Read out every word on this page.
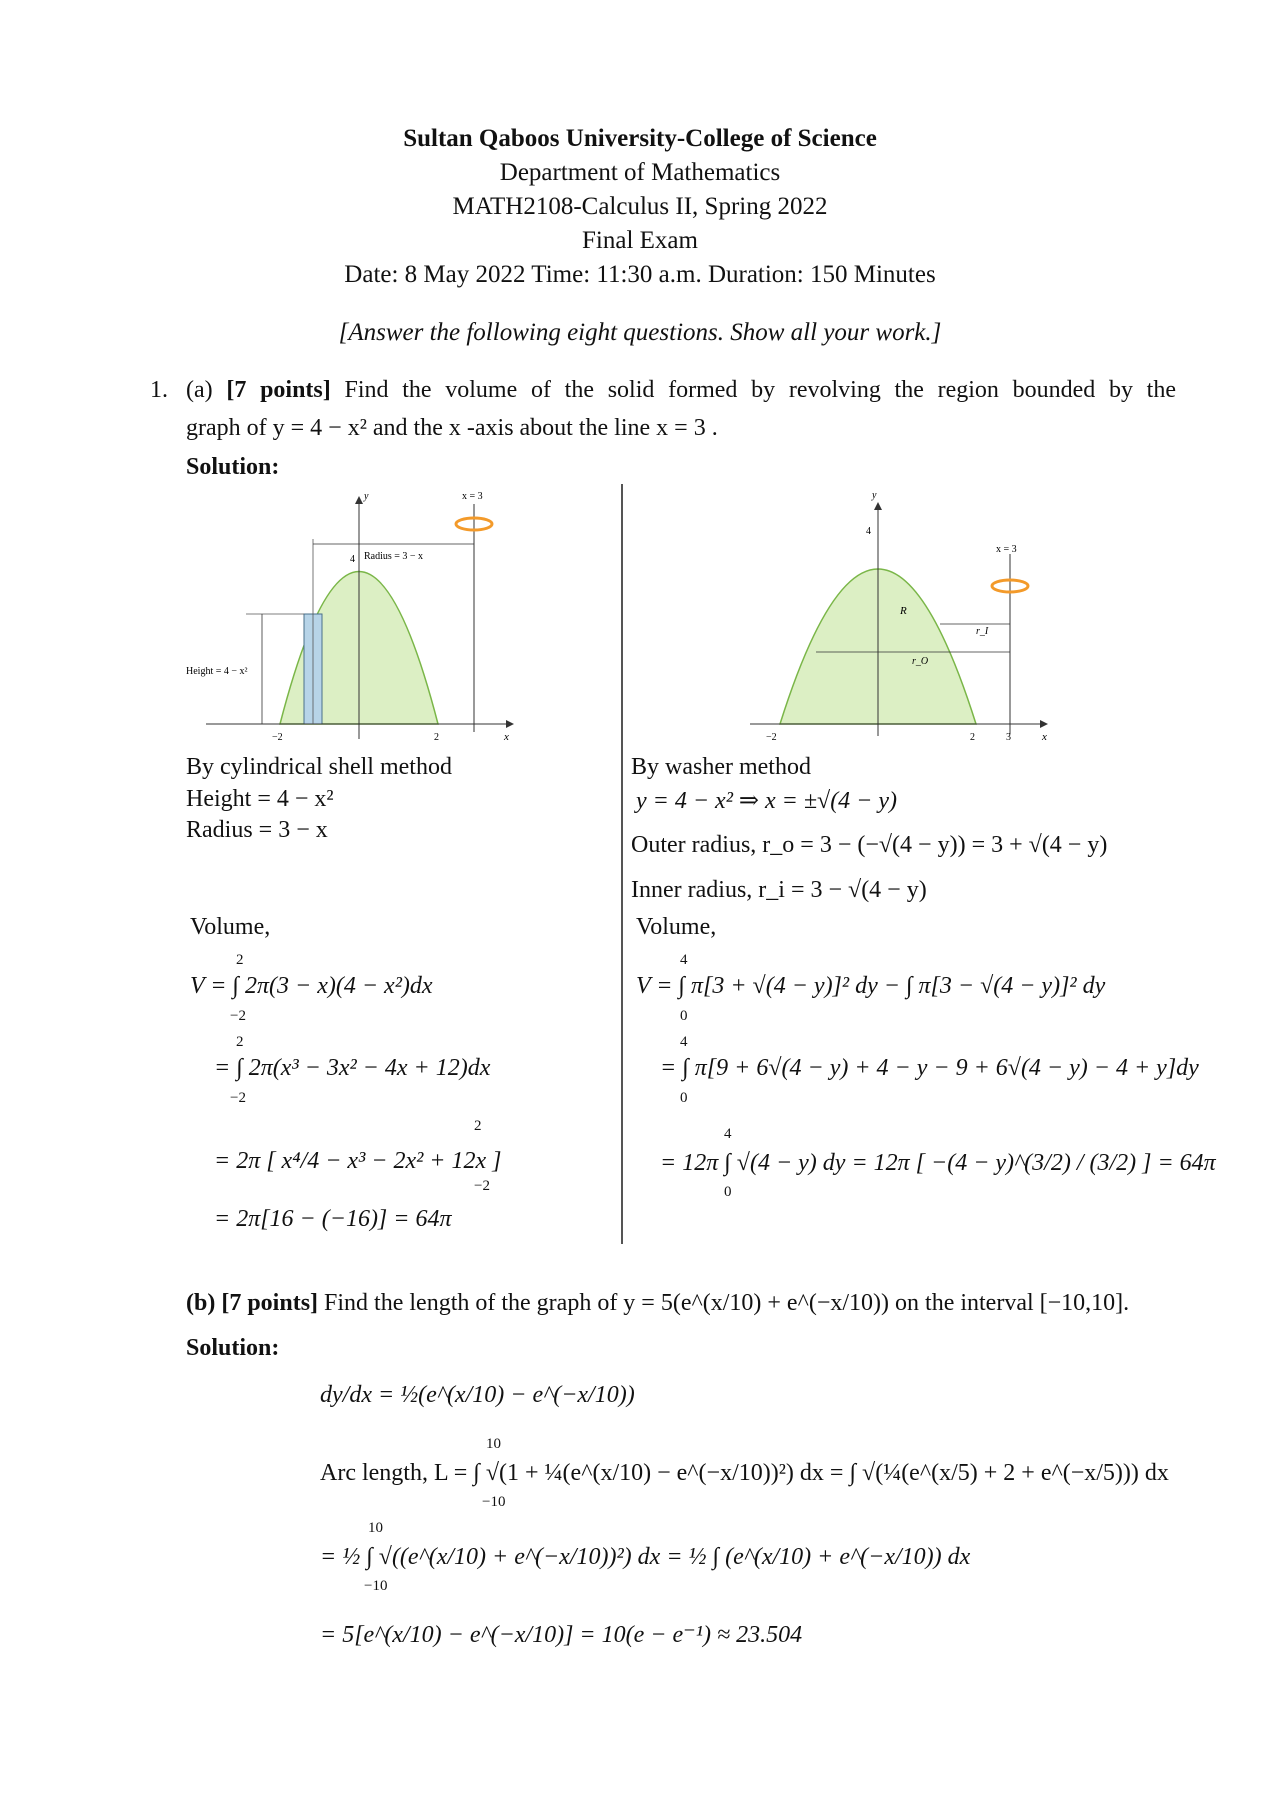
Sultan Qaboos University-College of Science
Department of Mathematics
MATH2108-Calculus II, Spring 2022
Final Exam
Date: 8 May 2022 Time: 11:30 a.m. Duration: 150 Minutes
[Answer the following eight questions. Show all your work.]
1. (a) [7 points] Find the volume of the solid formed by revolving the region bounded by the
graph of y = 4 − x² and the x -axis about the line x = 3 .
Solution:
y
x
x = 3
Radius = 3 − x
Height = 4 − x²
4
−2	2
y
x
x = 3
R
r_I
r_O
4
−2	2	3
By cylindrical shell method
Height = 4 − x²
Radius = 3 − x
Volume,
2
V = ∫ 2π(3 − x)(4 − x²)dx
−2
2
= ∫ 2π(x³ − 3x² − 4x + 12)dx
−2
= 2π [ x⁴/4 − x³ − 2x² + 12x ]
2
−2
= 2π[16 − (−16)] = 64π
By washer method
y = 4 − x² ⇒ x = ±√(4 − y)
Outer radius, r_o = 3 − (−√(4 − y)) = 3 + √(4 − y)
Inner radius, r_i = 3 − √(4 − y)
Volume,
4
V = ∫ π[3 + √(4 − y)]² dy − ∫ π[3 − √(4 − y)]² dy
0
4
= ∫ π[9 + 6√(4 − y) + 4 − y − 9 + 6√(4 − y) − 4 + y]dy
0
4
= 12π ∫ √(4 − y) dy = 12π [ −(4 − y)^(3/2) / (3/2) ] = 64π
0
(b) [7 points] Find the length of the graph of y = 5(e^(x/10) + e^(−x/10)) on the interval [−10,10].
Solution:
dy/dx = ½(e^(x/10) − e^(−x/10))
10
Arc length, L = ∫ √(1 + ¼(e^(x/10) − e^(−x/10))²) dx = ∫ √(¼(e^(x/5) + 2 + e^(−x/5))) dx
−10
10
= ½ ∫ √((e^(x/10) + e^(−x/10))²) dx = ½ ∫ (e^(x/10) + e^(−x/10)) dx
−10
= 5[e^(x/10) − e^(−x/10)] = 10(e − e⁻¹) ≈ 23.504
